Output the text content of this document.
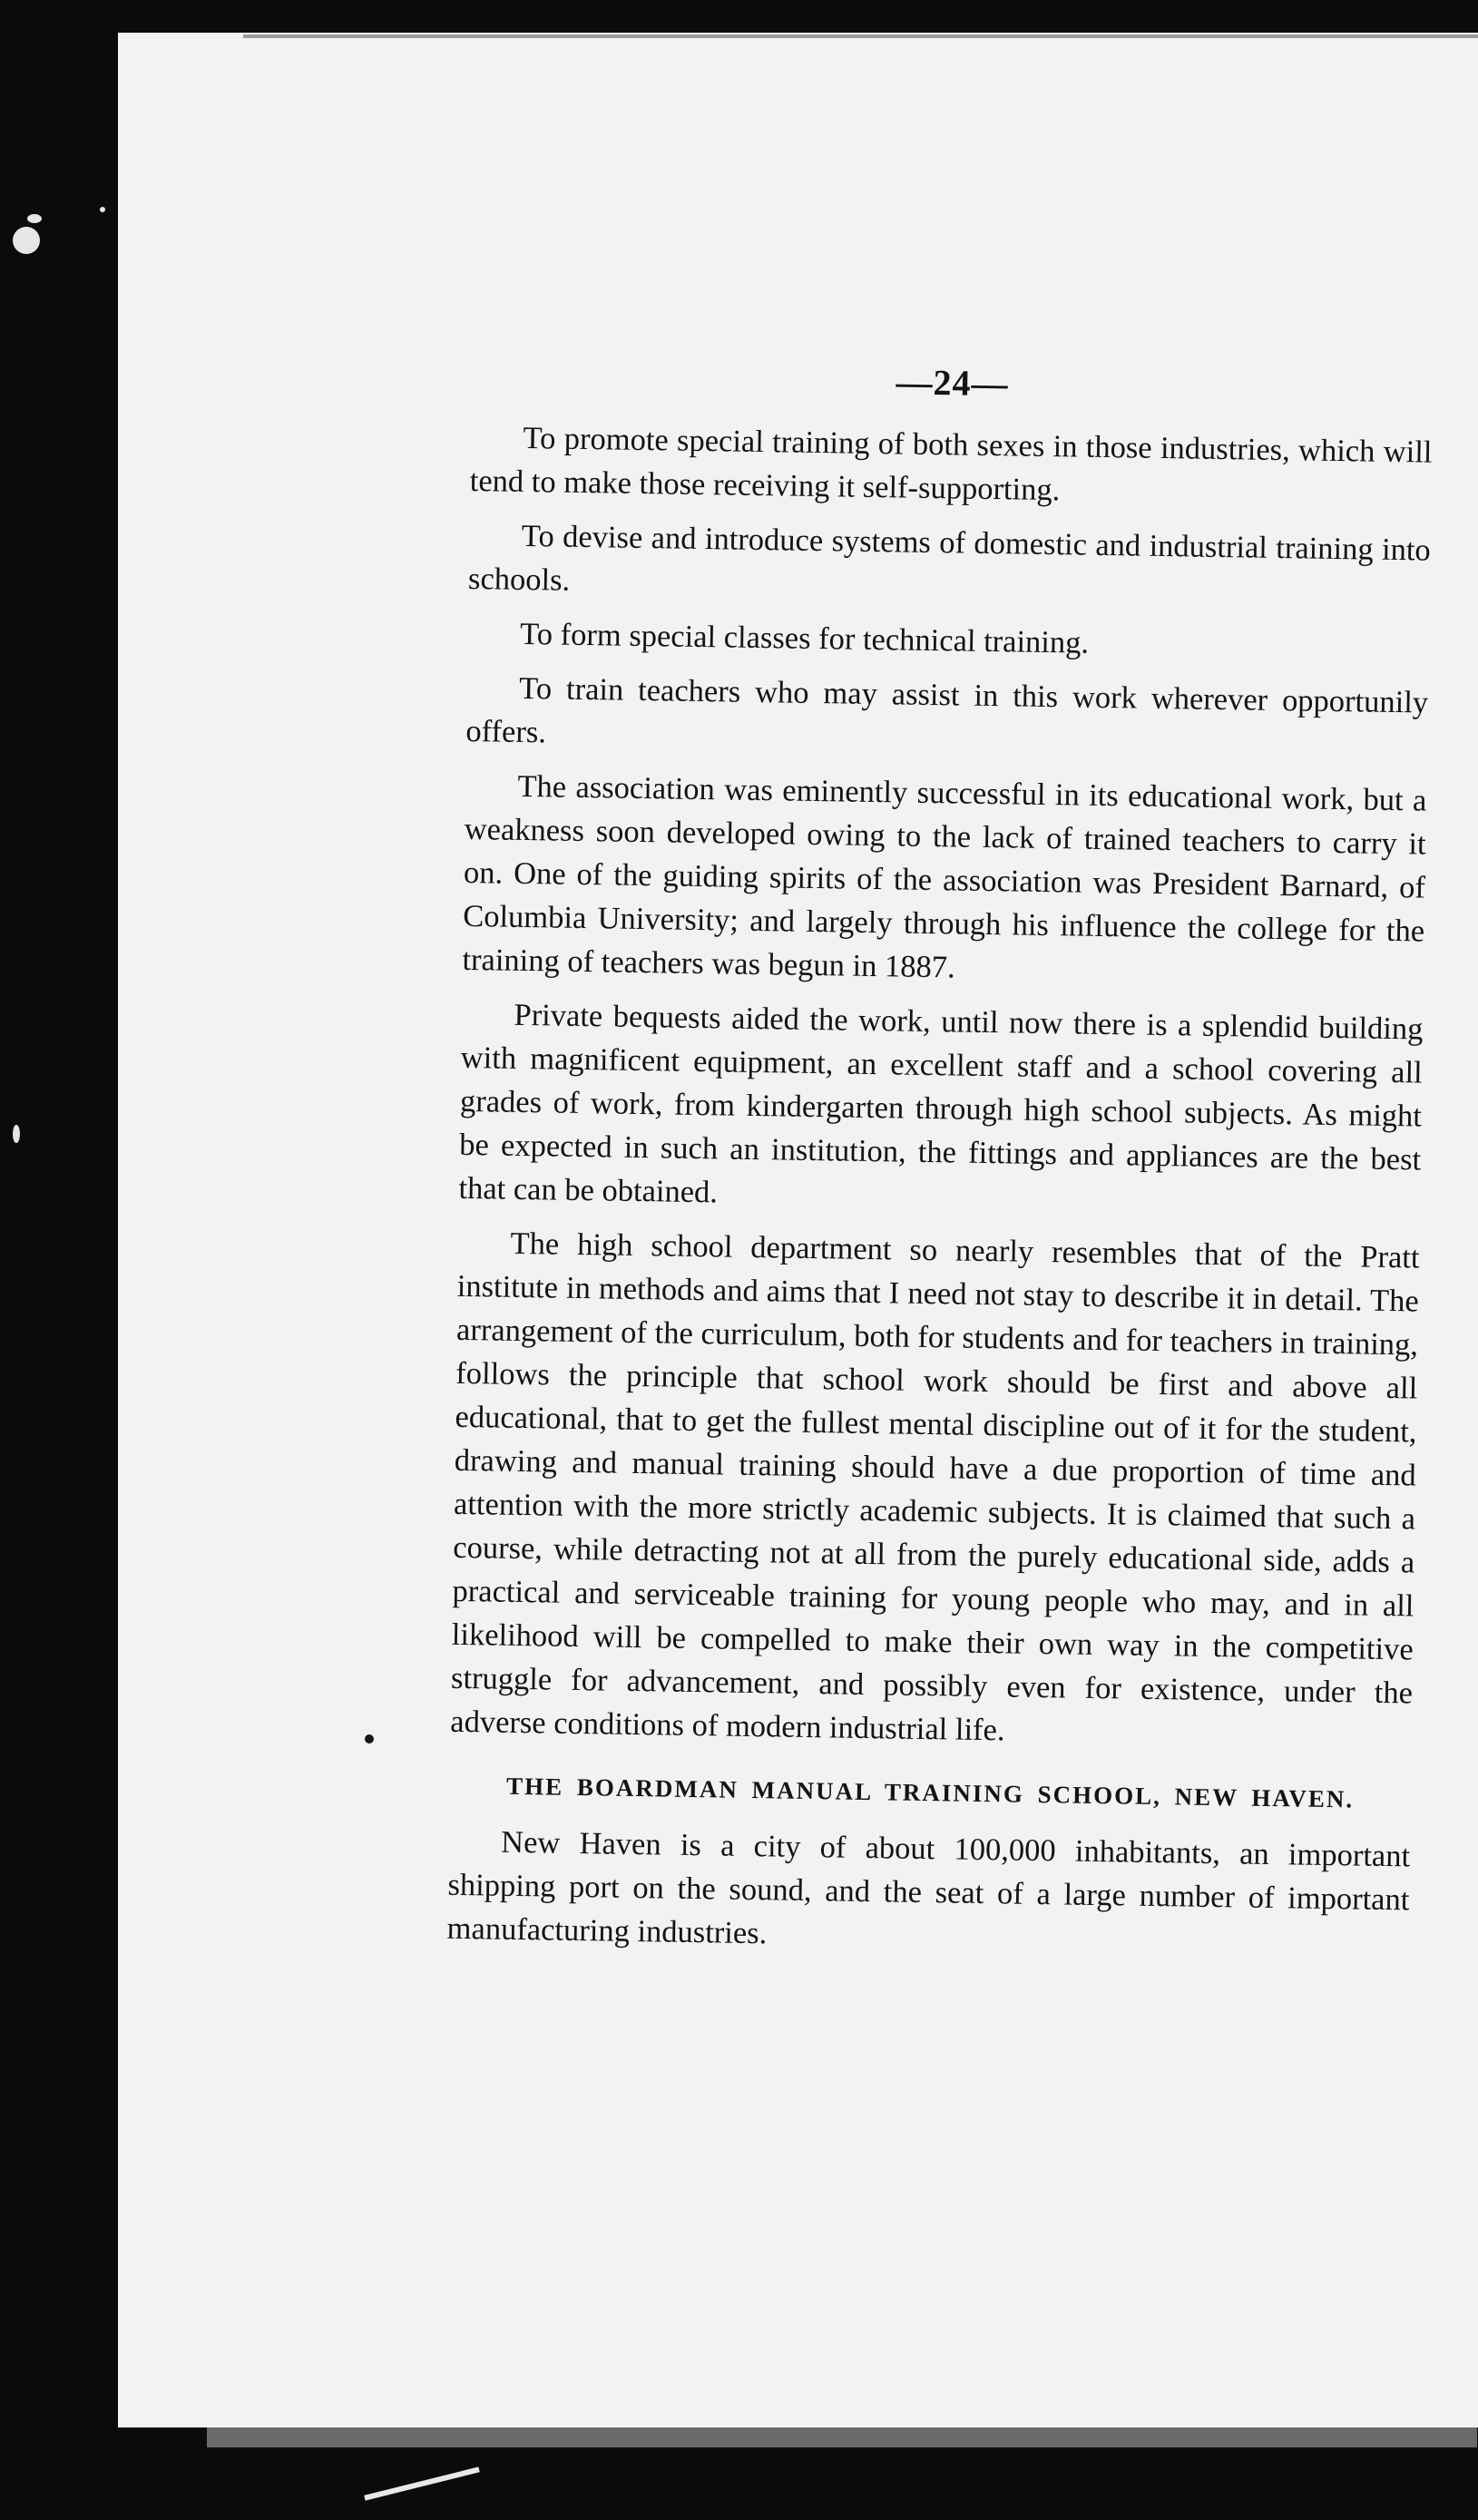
—24—

To promote special training of both sexes in those industries, which will tend to make those receiving it self-supporting.

To devise and introduce systems of domestic and industrial training into schools.

To form special classes for technical training.

To train teachers who may assist in this work wherever opportunily offers.

The association was eminently successful in its educational work, but a weakness soon developed owing to the lack of trained teachers to carry it on. One of the guiding spirits of the association was President Barnard, of Columbia University; and largely through his influence the college for the training of teachers was begun in 1887.

Private bequests aided the work, until now there is a splendid building with magnificent equipment, an excellent staff and a school covering all grades of work, from kindergarten through high school subjects. As might be expected in such an institution, the fittings and appliances are the best that can be obtained.

The high school department so nearly resembles that of the Pratt institute in methods and aims that I need not stay to describe it in detail. The arrangement of the curriculum, both for students and for teachers in training, follows the principle that school work should be first and above all educational, that to get the fullest mental discipline out of it for the student, drawing and manual training should have a due proportion of time and attention with the more strictly academic subjects. It is claimed that such a course, while detracting not at all from the purely educational side, adds a practical and serviceable training for young people who may, and in all likelihood will be compelled to make their own way in the competitive struggle for advancement, and possibly even for existence, under the adverse conditions of modern industrial life.

THE BOARDMAN MANUAL TRAINING SCHOOL, NEW HAVEN.

New Haven is a city of about 100,000 inhabitants, an important shipping port on the sound, and the seat of a large number of important manufacturing industries.
